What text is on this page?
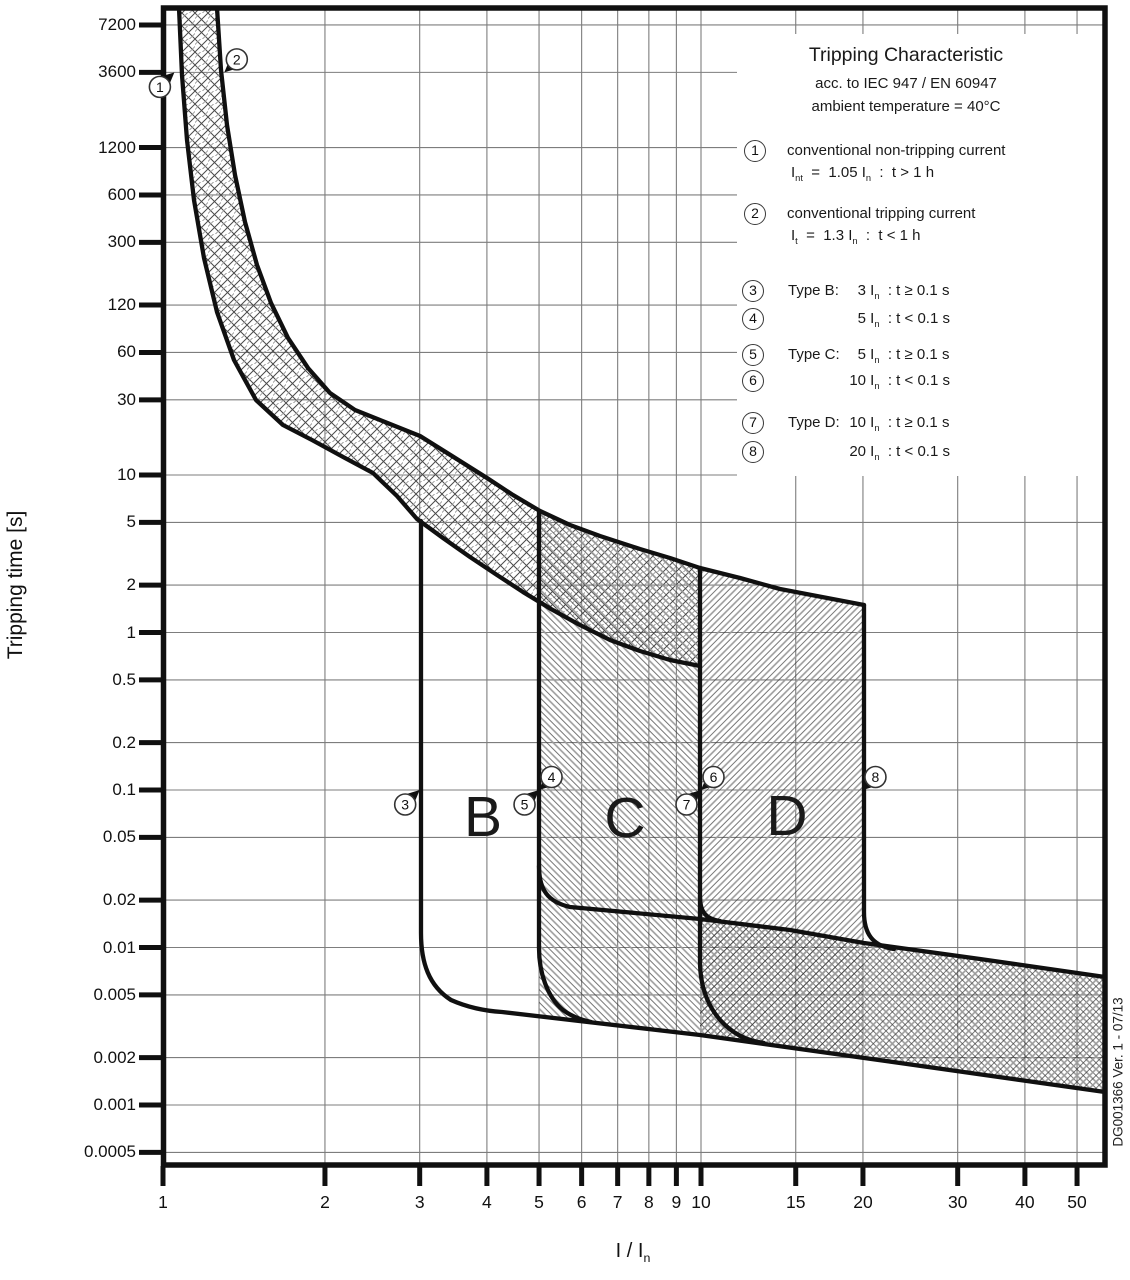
1
2
3
4
5
6
7
8
7200
3600
1200
600
300
120
60
30
10
5
2
1
0.5
0.2
0.1
0.05
0.02
0.01
0.005
0.002
0.001
0.0005
1	2	3	4	5	6	7	8	9 10	15	20	30	40	50
Tripping time [s]
I / $I_n$
DG001366 Ver. 1 - 07/13
Tripping Characteristic
acc. to IEC 947 / EN 60947
ambient temperature = 40°C
1	conventional non-tripping current
$I_{nt} = 1.05$ $I_n$  :  t > 1 h
2	conventional tripping current
$I_t = 1.3$ $I_n$  :  t < 1 h
3
4
Type B:	3 $I_n$  : t ≥ 0.1 s
5 $I_n$  : t < 0.1 s
5
6
Type C:	5 $I_n$  : t ≥ 0.1 s
10 $I_n$  : t < 0.1 s
7
8
Type D: 10 $I_n$  : t ≥ 0.1 s
20 $I_n$  : t < 0.1 s
B	C	D
